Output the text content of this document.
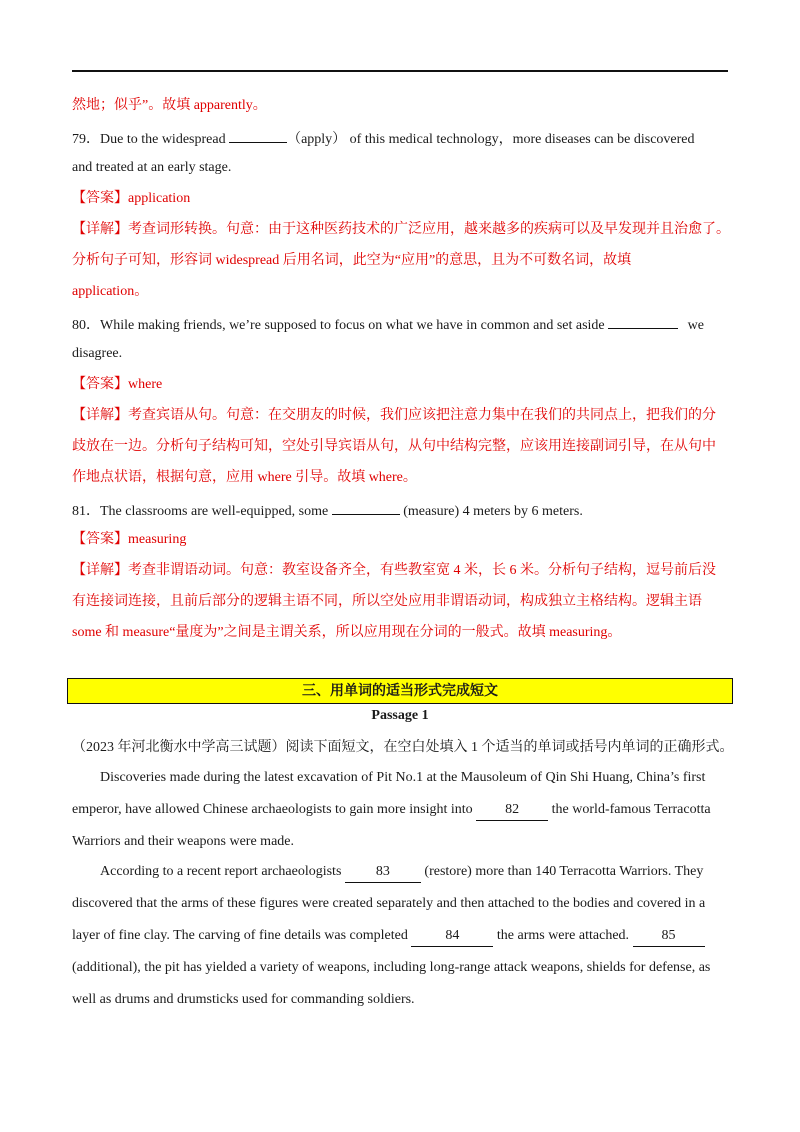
然地；似乎”。故填 apparently。
79．Due to the widespread	（apply） of this medical technology，more diseases can be discovered
and treated at an early stage.
【答案】application
【详解】考查词形转换。句意：由于这种医药技术的广泛应用，越来越多的疾病可以及早发现并且治愈了。
分析句子可知，形容词 widespread 后用名词，此空为“应用”的意思，且为不可数名词，故填
application。
80．While making friends, we’re supposed to focus on what we have in common and set aside	we
disagree.
【答案】where
【详解】考查宾语从句。句意：在交朋友的时候，我们应该把注意力集中在我们的共同点上，把我们的分
歧放在一边。分析句子结构可知，空处引导宾语从句，从句中结构完整，应该用连接副词引导，在从句中
作地点状语，根据句意，应用 where 引导。故填 where。
81．The classrooms are well-equipped, some	(measure) 4 meters by 6 meters.
【答案】measuring
【详解】考查非谓语动词。句意：教室设备齐全，有些教室宽 4 米，长 6 米。分析句子结构，逗号前后没
有连接词连接，且前后部分的逻辑主语不同，所以空处应用非谓语动词，构成独立主格结构。逻辑主语
some 和 measure“量度为”之间是主谓关系，所以应用现在分词的一般式。故填 measuring。
三、用单词的适当形式完成短文
Passage 1
（2023 年河北衡水中学高三试题）阅读下面短文，在空白处填入 1 个适当的单词或括号内单词的正确形式。
Discoveries made during the latest excavation of Pit No.1 at the Mausoleum of Qin Shi Huang, China’s first
emperor, have allowed Chinese archaeologists to gain more insight into 82 the world-famous Terracotta
Warriors and their weapons were made.
According to a recent report archaeologists 83 (restore) more than 140 Terracotta Warriors. They
discovered that the arms of these figures were created separately and then attached to the bodies and covered in a
layer of fine clay. The carving of fine details was completed 84 the arms were attached. 85
(additional), the pit has yielded a variety of weapons, including long-range attack weapons, shields for defense, as
well as drums and drumsticks used for commanding soldiers.
